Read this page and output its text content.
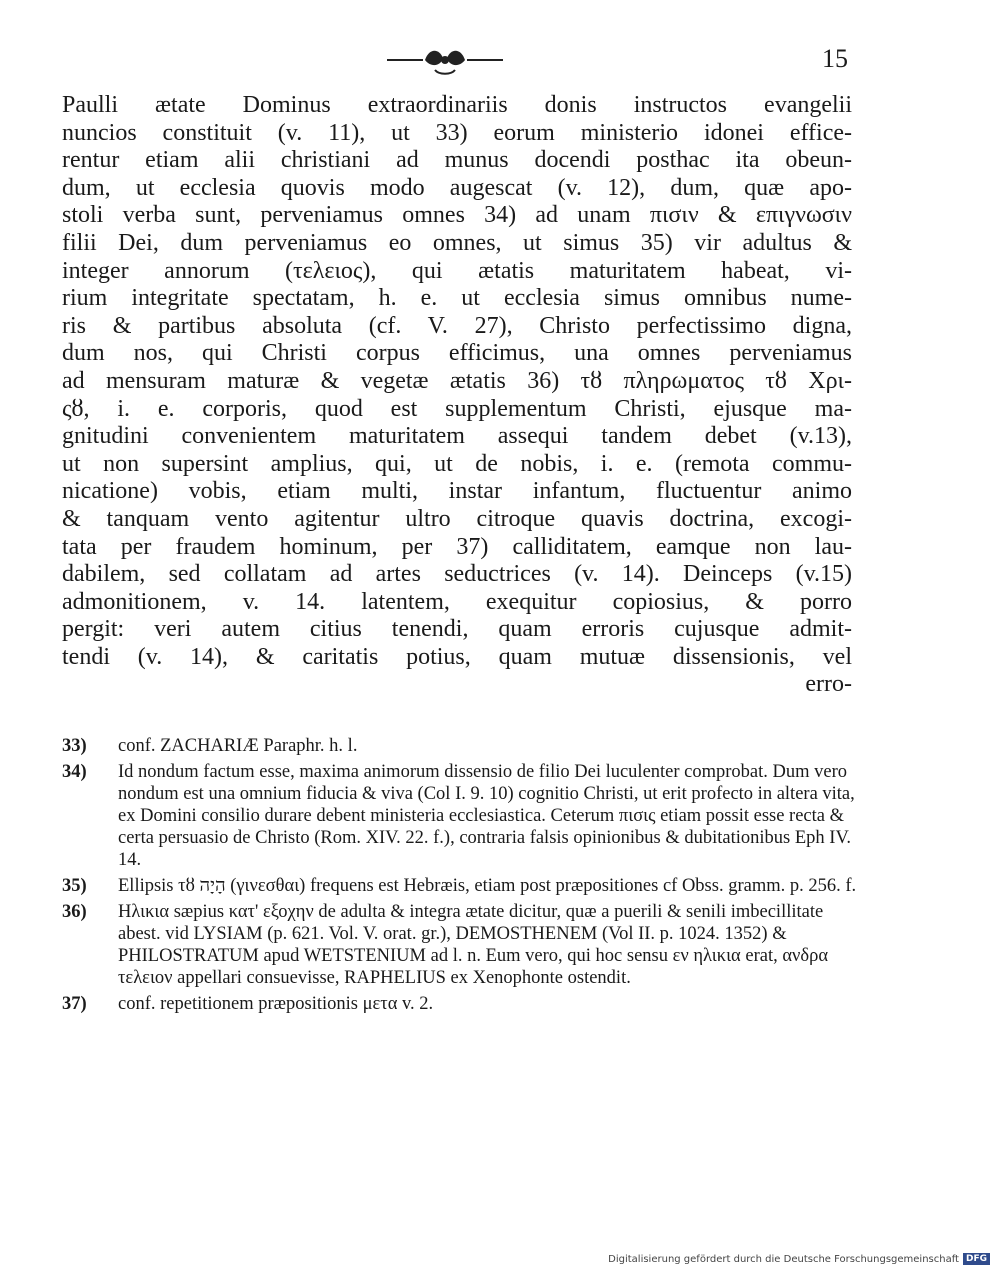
15
Paulli ætate Dominus extraordinariis donis instructos evangelii
nuncios constituit (v. 11), ut 33) eorum ministerio idonei effice-
rentur etiam alii christiani ad munus docendi posthac ita obeun-
dum, ut ecclesia quovis modo augescat (v. 12), dum, quæ apo-
stoli verba sunt, perveniamus omnes 34) ad unam πισιν & επιγνωσιν
filii Dei, dum perveniamus eo omnes, ut simus 35) vir adultus &
integer annorum (τελειος), qui ætatis maturitatem habeat, vi-
rium integritate spectatam, h. e. ut ecclesia simus omnibus nume-
ris & partibus absoluta (cf. V. 27), Christo perfectissimo digna,
dum nos, qui Christi corpus efficimus, una omnes perveniamus
ad mensuram maturæ & vegetæ ætatis 36) τȣ πληρωματος τȣ Χρι-
ςȣ, i. e. corporis, quod est supplementum Christi, ejusque ma-
gnitudini convenientem maturitatem assequi tandem debet (v.13),
ut non supersint amplius, qui, ut de nobis, i. e. (remota commu-
nicatione) vobis, etiam multi, instar infantum, fluctuentur animo
& tanquam vento agitentur ultro citroque quavis doctrina, excogi-
tata per fraudem hominum, per 37) calliditatem, eamque non lau-
dabilem, sed collatam ad artes seductrices (v. 14). Deinceps (v.15)
admonitionem, v. 14. latentem, exequitur copiosius, & porro
pergit: veri autem citius tenendi, quam erroris cujusque admit-
tendi (v. 14), & caritatis potius, quam mutuæ dissensionis, vel
erro-
33)	conf. ZACHARIÆ Paraphr. h. l.
34)	Id nondum factum esse, maxima animorum dissensio de filio Dei luculenter comprobat. Dum vero nondum est una omnium fiducia & viva (Col I. 9. 10) cognitio Christi, ut erit profecto in altera vita, ex Domini consilio durare debent ministeria ecclesiastica. Ceterum πισις etiam possit esse recta & certa persuasio de Christo (Rom. XIV. 22. f.), contraria falsis opinionibus & dubitationibus Eph IV. 14.
35)	Ellipsis τȣ הָיָה (γινεσθαι) frequens est Hebræis, etiam post præpositiones cf Obss. gramm. p. 256. f.
36)	Ηλικια sæpius κατ' εξοχην de adulta & integra ætate dicitur, quæ a puerili & senili imbecillitate abest. vid LYSIAM (p. 621. Vol. V. orat. gr.), DEMOSTHENEM (Vol II. p. 1024. 1352) & PHILOSTRATUM apud WETSTENIUM ad l. n. Eum vero, qui hoc sensu εν ηλικια erat, ανδρα τελειον appellari consuevisse, RAPHELIUS ex Xenophonte ostendit.
37)	conf. repetitionem præpositionis μετα v. 2.
Digitalisierung gefördert durch die Deutsche Forschungsgemeinschaft DFG
